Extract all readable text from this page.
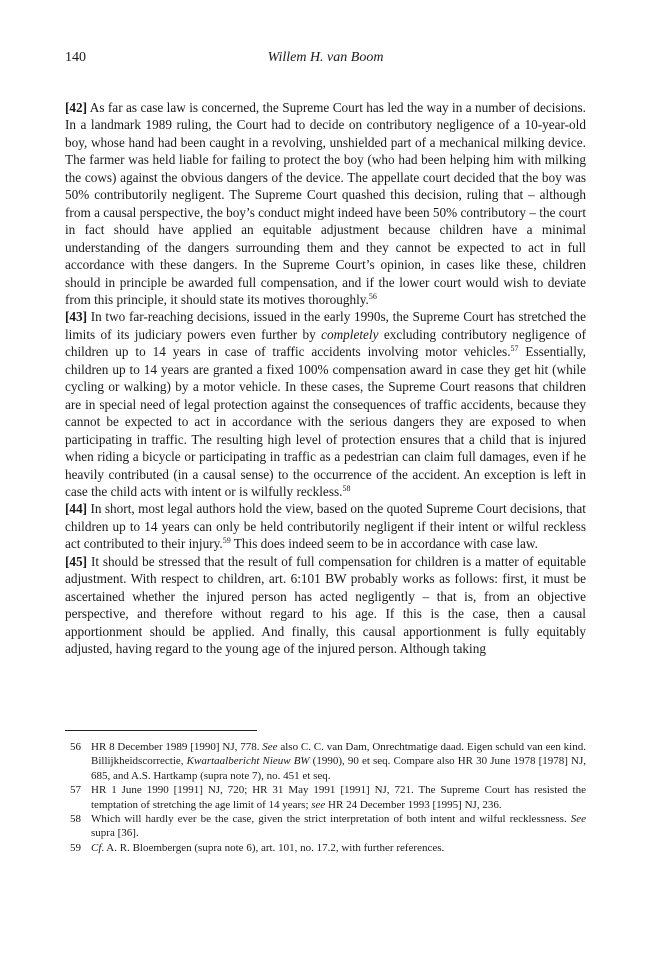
140	Willem H. van Boom

[42] As far as case law is concerned, the Supreme Court has led the way in a number of decisions. In a landmark 1989 ruling, the Court had to decide on contributory negligence of a 10-year-old boy, whose hand had been caught in a revolving, unshielded part of a mechanical milking device. The farmer was held liable for failing to protect the boy (who had been helping him with milking the cows) against the obvious dangers of the device. The appellate court decided that the boy was 50% contributorily negligent. The Supreme Court quashed this decision, ruling that – although from a causal perspective, the boy’s conduct might indeed have been 50% contributory – the court in fact should have applied an equitable adjustment because children have a minimal understanding of the dangers surrounding them and they cannot be expected to act in full accordance with these dangers. In the Supreme Court’s opinion, in cases like these, children should in principle be awarded full compensation, and if the lower court would wish to deviate from this principle, it should state its motives thoroughly.$^{56}$

[43] In two far-reaching decisions, issued in the early 1990s, the Supreme Court has stretched the limits of its judiciary powers even further by completely excluding contributory negligence of children up to 14 years in case of traffic accidents involving motor vehicles.$^{57}$ Essentially, children up to 14 years are granted a fixed 100% compensation award in case they get hit (while cycling or walking) by a motor vehicle. In these cases, the Supreme Court reasons that children are in special need of legal protection against the consequences of traffic accidents, because they cannot be expected to act in accordance with the serious dangers they are exposed to when participating in traffic. The resulting high level of protection ensures that a child that is injured when riding a bicycle or participating in traffic as a pedestrian can claim full damages, even if he heavily contributed (in a causal sense) to the occurrence of the accident. An exception is left in case the child acts with intent or is wilfully reckless.$^{58}$

[44] In short, most legal authors hold the view, based on the quoted Supreme Court decisions, that children up to 14 years can only be held contributorily negligent if their intent or wilful reckless act contributed to their injury.$^{59}$ This does indeed seem to be in accordance with case law.

[45] It should be stressed that the result of full compensation for children is a matter of equitable adjustment. With respect to children, art. 6:101 BW probably works as follows: first, it must be ascertained whether the injured person has acted negligently – that is, from an objective perspective, and therefore without regard to his age. If this is the case, then a causal apportionment should be applied. And finally, this causal apportionment is fully equitably adjusted, having regard to the young age of the injured person. Although taking

56 HR 8 December 1989 [1990] NJ, 778. See also C. C. van Dam, Onrechtmatige daad. Eigen schuld van een kind. Billijkheidscorrectie, Kwartaalbericht Nieuw BW (1990), 90 et seq. Compare also HR 30 June 1978 [1978] NJ, 685, and A.S. Hartkamp (supra note 7), no. 451 et seq.
57 HR 1 June 1990 [1991] NJ, 720; HR 31 May 1991 [1991] NJ, 721. The Supreme Court has resisted the temptation of stretching the age limit of 14 years; see HR 24 December 1993 [1995] NJ, 236.
58 Which will hardly ever be the case, given the strict interpretation of both intent and wilful recklessness. See supra [36].
59 Cf. A. R. Bloembergen (supra note 6), art. 101, no. 17.2, with further references.
